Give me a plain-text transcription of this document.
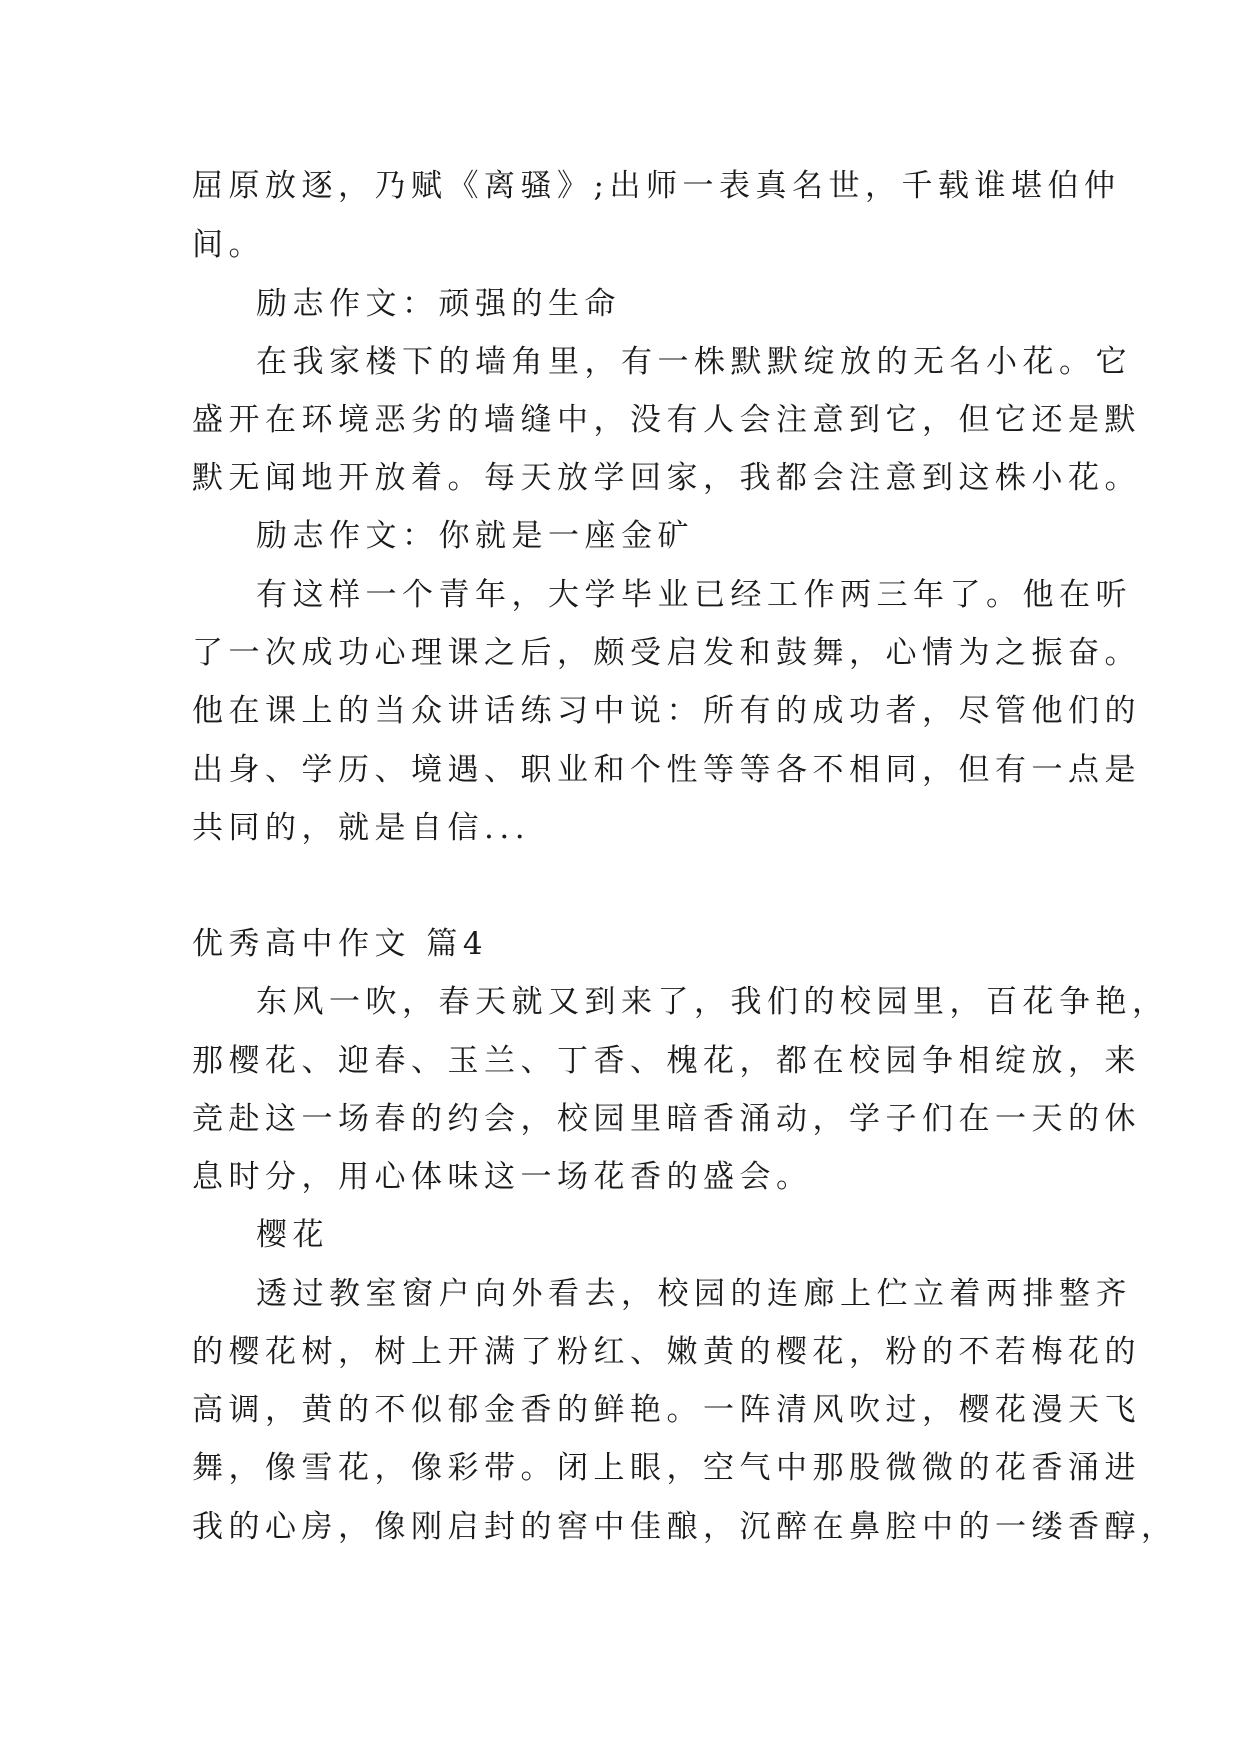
屈原放逐，乃赋《离骚》;出师一表真名世，千载谁堪伯仲
间。
励志作文：顽强的生命
在我家楼下的墙角里，有一株默默绽放的无名小花。它
盛开在环境恶劣的墙缝中，没有人会注意到它，但它还是默
默无闻地开放着。每天放学回家，我都会注意到这株小花。
励志作文：你就是一座金矿
有这样一个青年，大学毕业已经工作两三年了。他在听
了一次成功心理课之后，颇受启发和鼓舞，心情为之振奋。
他在课上的当众讲话练习中说：所有的成功者，尽管他们的
出身、学历、境遇、职业和个性等等各不相同，但有一点是
共同的，就是自信...
优秀高中作文 篇4
东风一吹，春天就又到来了，我们的校园里，百花争艳，
那樱花、迎春、玉兰、丁香、槐花，都在校园争相绽放，来
竞赴这一场春的约会，校园里暗香涌动，学子们在一天的休
息时分，用心体味这一场花香的盛会。
樱花
透过教室窗户向外看去，校园的连廊上伫立着两排整齐
的樱花树，树上开满了粉红、嫩黄的樱花，粉的不若梅花的
高调，黄的不似郁金香的鲜艳。一阵清风吹过，樱花漫天飞
舞，像雪花，像彩带。闭上眼，空气中那股微微的花香涌进
我的心房，像刚启封的窖中佳酿，沉醉在鼻腔中的一缕香醇，
